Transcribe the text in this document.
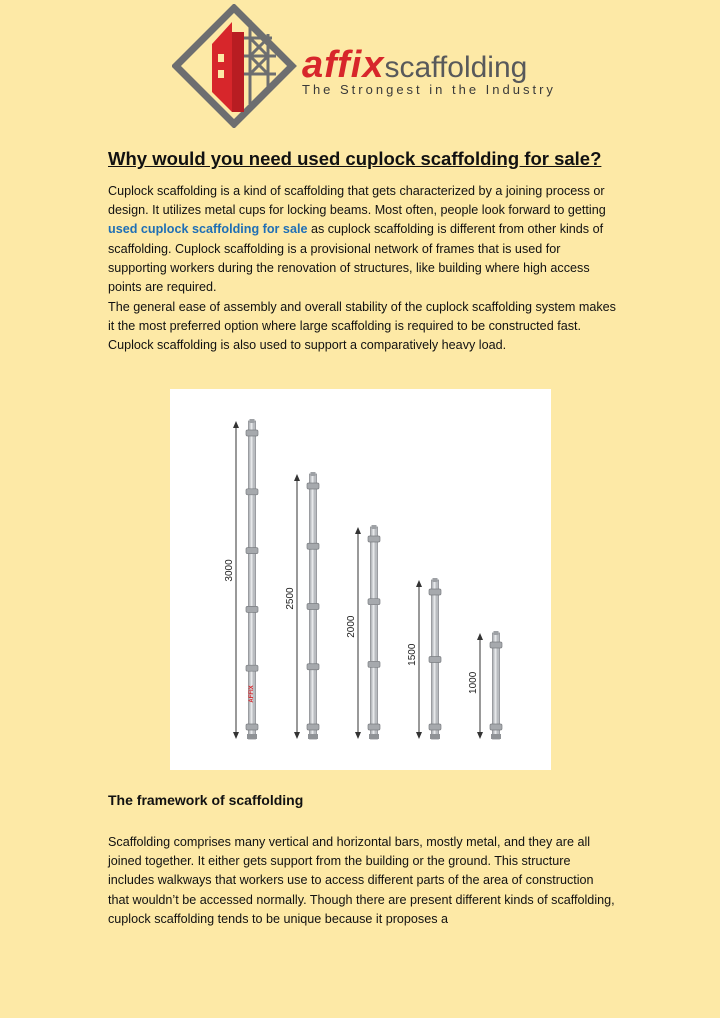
affixscaffolding
The Strongest in the Industry
Why would you need used cuplock scaffolding for sale?

Cuplock scaffolding is a kind of scaffolding that gets characterized by a joining process or design. It utilizes metal cups for locking beams. Most often, people look forward to getting used cuplock scaffolding for sale as cuplock scaffolding is different from other kinds of scaffolding. Cuplock scaffolding is a provisional network of frames that is used for supporting workers during the renovation of structures, like building where high access points are required.

The general ease of assembly and overall stability of the cuplock scaffolding system makes it the most preferred option where large scaffolding is required to be constructed fast. Cuplock scaffolding is also used to support a comparatively heavy load.

3000
AFFIX
2500
2000
1500
1000
The framework of scaffolding

Scaffolding comprises many vertical and horizontal bars, mostly metal, and they are all joined together. It either gets support from the building or the ground. This structure includes walkways that workers use to access different parts of the area of construction that wouldn’t be accessed normally. Though there are present different kinds of scaffolding, cuplock scaffolding tends to be unique because it proposes a
